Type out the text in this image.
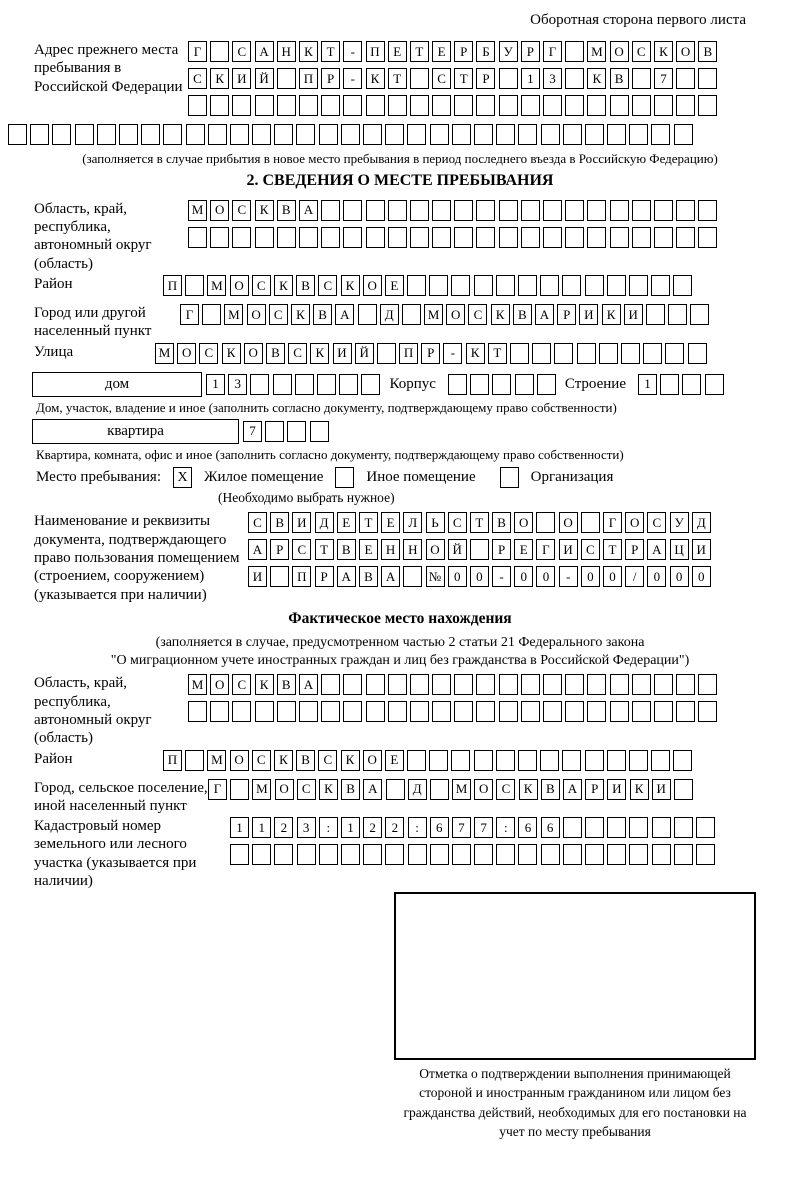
Оборотная сторона первого листа
Адрес прежнего места пребывания в Российской Федерации
Г	С	А Н	К	Т	-	П	Е	Т	Е	Р	Б	У	Р	Г	М О	С	К	О	В
С	К	И Й	П	Р	-	К	Т	С	Т	Р	1	3	К	В	7
(заполняется в случае прибытия в новое место пребывания в период последнего въезда в Российскую Федерацию)
2. СВЕДЕНИЯ О МЕСТЕ ПРЕБЫВАНИЯ
Область, край, республика, автономный округ (область)
М О	С	К	В	А
Район	П	М О	С	К	В	С	К	О	Е
Город или другой населенный пункт
Г	М О	С	К	В	А	Д	М О	С	К	В	А	Р	И	К	И
Улица	М О	С	К	О	В	С	К	И Й	П	Р	-	К	Т
дом	1	3	Корпус	Строение	1
Дом, участок, владение и иное (заполнить согласно документу, подтверждающему право собственности)
квартира	7
Квартира, комната, офис и иное (заполнить согласно документу, подтверждающему право собственности)
Место пребывания:	X Жилое помещение	Иное помещение	Организация
(Необходимо выбрать нужное)
Наименование и реквизиты документа, подтверждающего право пользования помещением (строением, сооружением) (указывается при наличии)
С	В	И	Д	Е	Т	Е	Л	Ь	С	Т	В	О	О	Г	О	С	У	Д
А	Р	С	Т	В	Е	Н Н О Й	Р	Е	Г	И	С	Т	Р	А Ц И
И	П	Р	А	В	А	№ 0	0	-	0	0	-	0	0	/	0	0	0
Фактическое место нахождения
(заполняется в случае, предусмотренном частью 2 статьи 21 Федерального закона
"О миграционном учете иностранных граждан и лиц без гражданства в Российской Федерации")
Область, край, республика, автономный округ (область)
М О	С	К	В	А
Район	П	М О	С	К	В	С	К	О	Е
Город, сельское поселение, иной населенный пункт
Г	М О	С	К	В	А	Д	М О	С	К	В	А	Р	И	К	И
Кадастровый номер земельного или лесного участка (указывается при наличии)
1	1	2	3	:	1	2	2	:	6	7	7	:	6	6
Отметка о подтверждении выполнения принимающей стороной и иностранным гражданином или лицом без гражданства действий, необходимых для его постановки на учет по месту пребывания
